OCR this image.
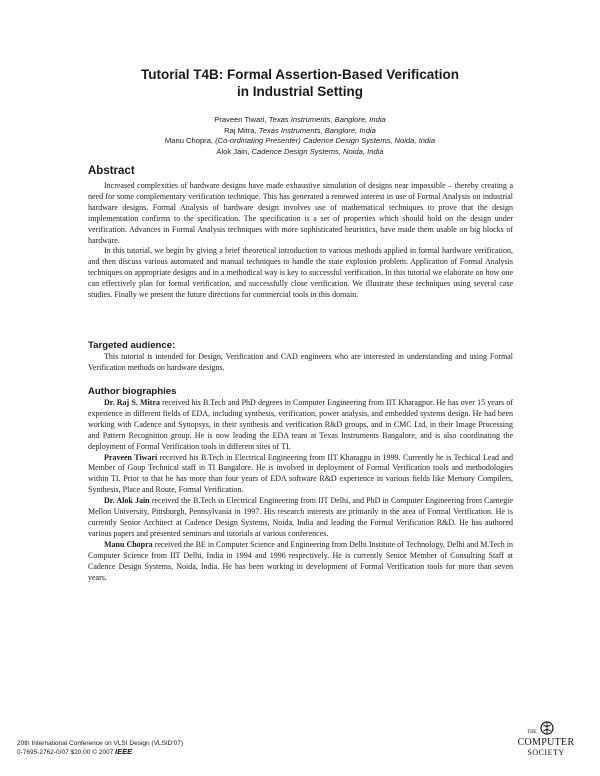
Tutorial T4B: Formal Assertion-Based Verification
in Industrial Setting
Praveen Tiwari, Texas Instruments, Banglore, India
Raj Mitra, Texas Instruments, Banglore, India
Manu Chopra, (Co-ordinating Presenter) Cadence Design Systems, Noida, India
Alok Jain, Cadence Design Systems, Noida, India
Abstract

Increased complexities of hardware designs have made exhaustive simulation of designs near impossible – thereby creating a need for some complementary verification technique. This has generated a renewed interest in use of Formal Analysis on industrial hardware designs. Formal Analysis of hardware design involves use of mathematical techniques to prove that the design implementation confirms to the specification. The specification is a set of properties which should hold on the design under verification. Advances in Formal Analysis techniques with more sophisticated heuristics, have made them usable on big blocks of hardware.

In this tutorial, we begin by giving a brief theoretical introduction to various methods applied in formal hardware verification, and then discuss various automated and manual techniques to handle the state explosion problem. Application of Formal Analysis techniques on appropriate designs and in a methodical way is key to successful verification. In this tutorial we elaborate on how one can effectively plan for formal verification, and successfully close verification. We illustrate these techniques using several case studies. Finally we present the future directions for commercial tools in this domain.

Targeted audience:

This tutorial is intended for Design, Verification and CAD engineers who are interested in understanding and using Formal Verification methods on hardware designs.

Author biographies

Dr. Raj S. Mitra received his B.Tech and PhD degrees in Computer Engineering from IIT Kharagpur. He has over 15 years of experience in different fields of EDA, including synthesis, verification, power analysis, and embedded systems design. He had been working with Cadence and Synopsys, in their synthesis and verification R&D groups, and in CMC Ltd, in their Image Processing and Pattern Recognition group. He is now leading the EDA team at Texas Instruments Bangalore, and is also coordinating the deployment of Formal Verification tools in different sites of TI.

Praveen Tiwari received his B.Tech in Electrical Engineering from IIT Kharagpu in 1999. Currently he is Techical Lead and Member of Goup Technical staff in TI Bangalore. He is involved in deployment of Formal Verification tools and methodologies within TI. Prior to that he has more than four years of EDA software R&D experience in various fields like Memory Compilers, Synthesis, Place and Route, Formal Verification.

Dr. Alok Jain received the B.Tech in Electrical Engineering from IIT Delhi, and PhD in Computer Engineering from Carnegie Mellon University, Pittsburgh, Pennsylvania in 1997. His research interests are primarily in the area of Formal Verification. He is currently Senior Architect at Cadence Design Systems, Noida, India and leading the Formal Verification R&D. He has authored various papers and presented seminars and tutorials at various conferences.

Manu Chopra received the BE in Computer Science and Engineering from Delhi Institute of Technology, Delhi and M.Tech in Computer Science from IIT Delhi, India in 1994 and 1996 respectively. He is currently Senior Member of Consulting Staff at Cadence Design Systems, Noida, India. He has been working in development of Formal Verification tools for more than seven years.

20th International Conference on VLSI Design (VLSID'07)
0-7695-2762-0/07 $20.00 © 2007 IEEE
THE
COMPUTER
SOCIETY
